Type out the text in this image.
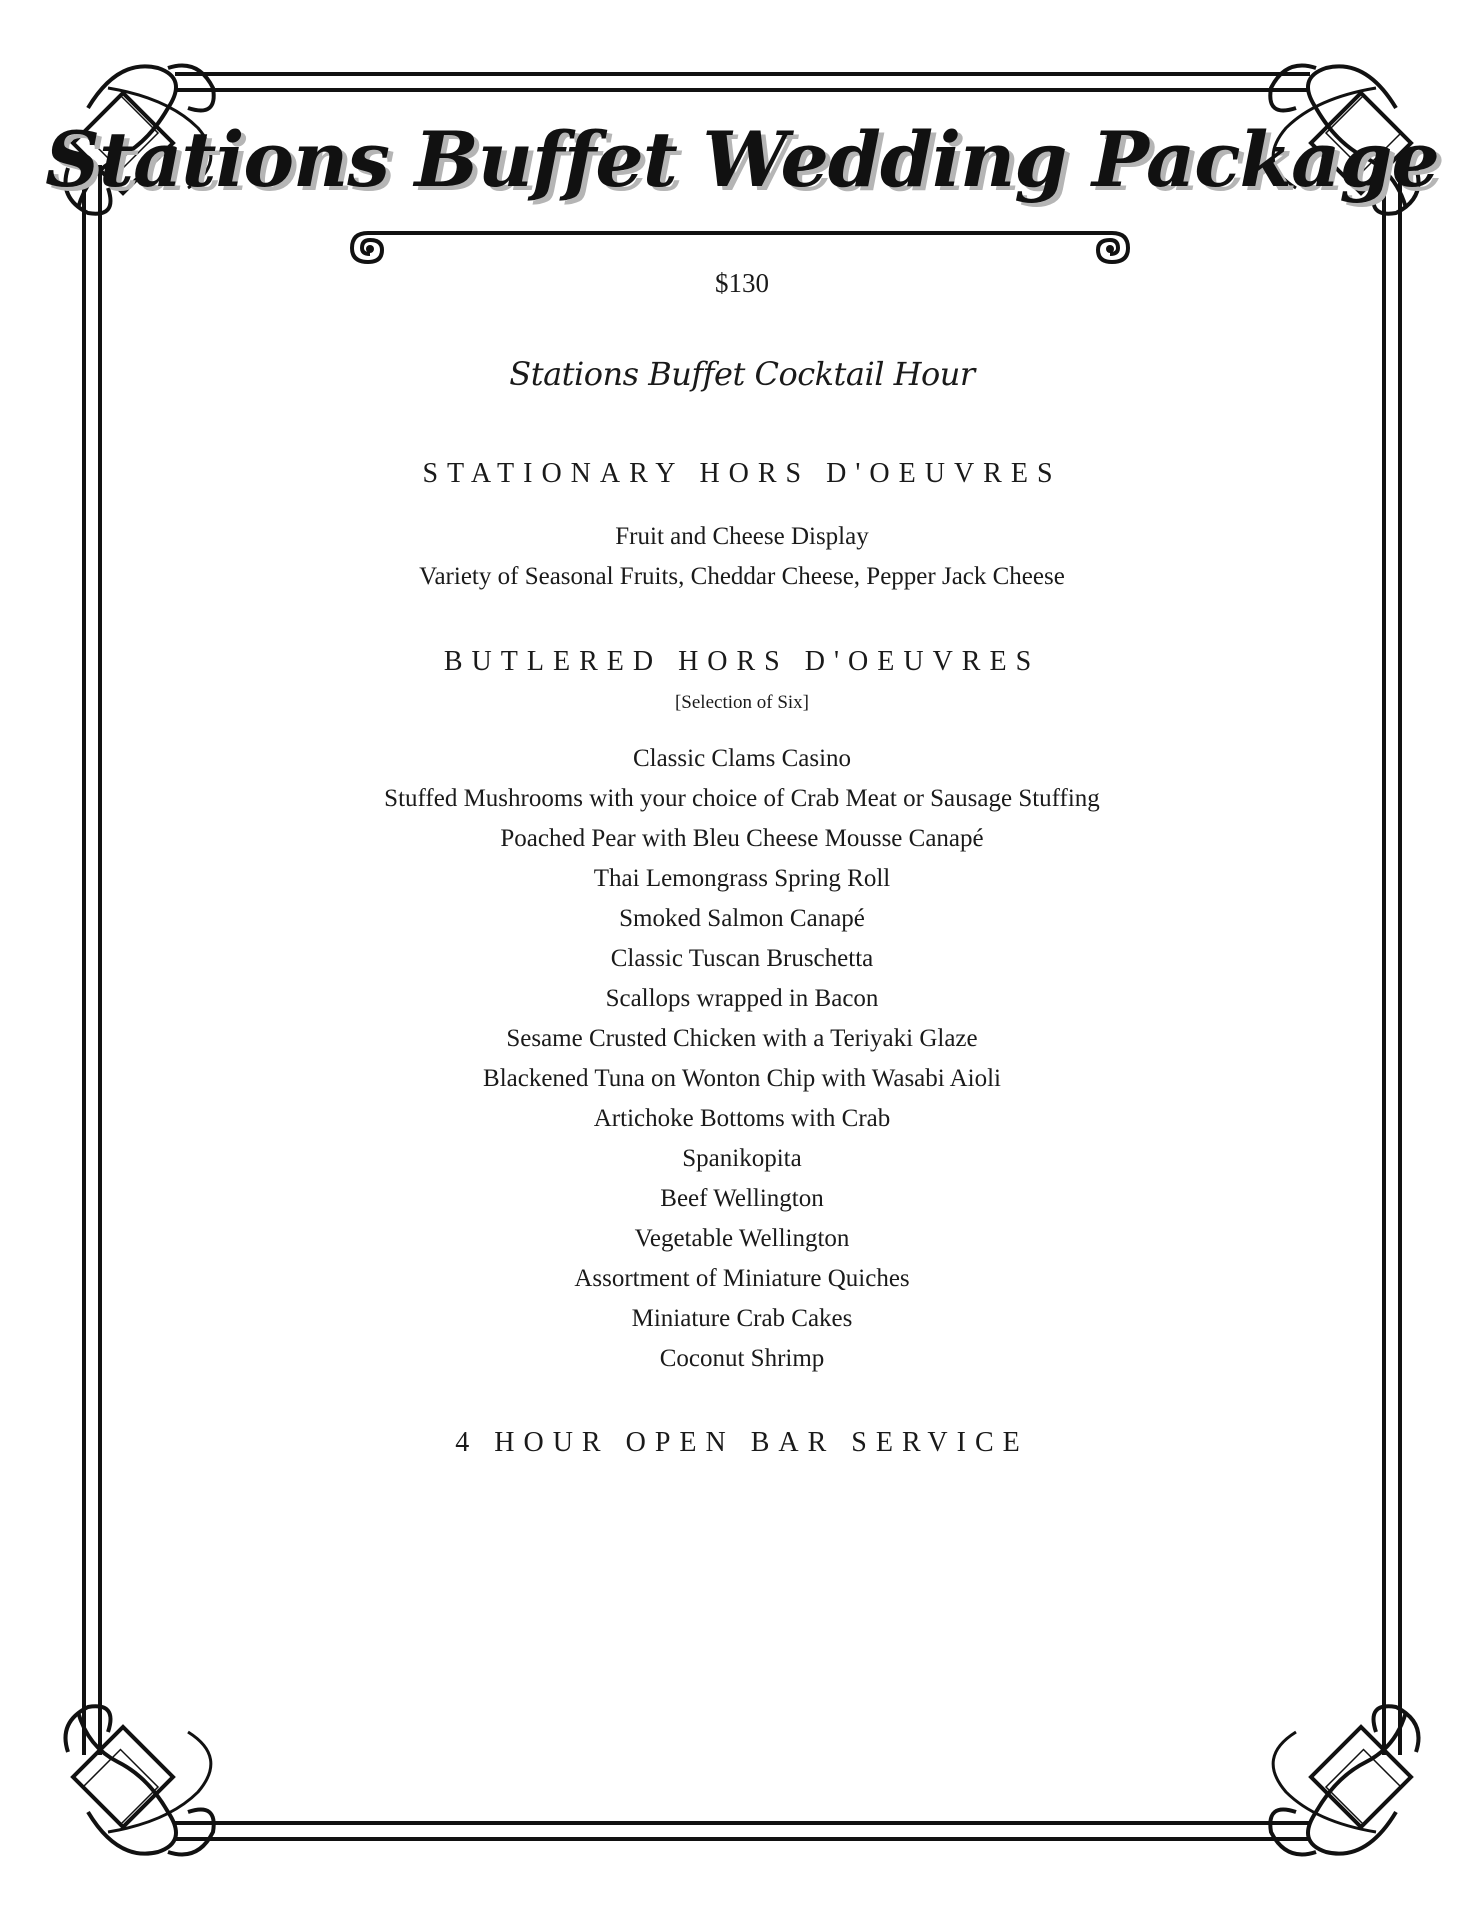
Stations Buffet Wedding Package
$130
Stations Buffet Cocktail Hour
STATIONARY HORS D'OEUVRES
Fruit and Cheese Display
Variety of Seasonal Fruits, Cheddar Cheese, Pepper Jack Cheese
BUTLERED HORS D'OEUVRES
[Selection of Six]
Classic Clams Casino
Stuffed Mushrooms with your choice of Crab Meat or Sausage Stuffing
Poached Pear with Bleu Cheese Mousse Canapé
Thai Lemongrass Spring Roll
Smoked Salmon Canapé
Classic Tuscan Bruschetta
Scallops wrapped in Bacon
Sesame Crusted Chicken with a Teriyaki Glaze
Blackened Tuna on Wonton Chip with Wasabi Aioli
Artichoke Bottoms with Crab
Spanikopita
Beef Wellington
Vegetable Wellington
Assortment of Miniature Quiches
Miniature Crab Cakes
Coconut Shrimp
4 HOUR OPEN BAR SERVICE
